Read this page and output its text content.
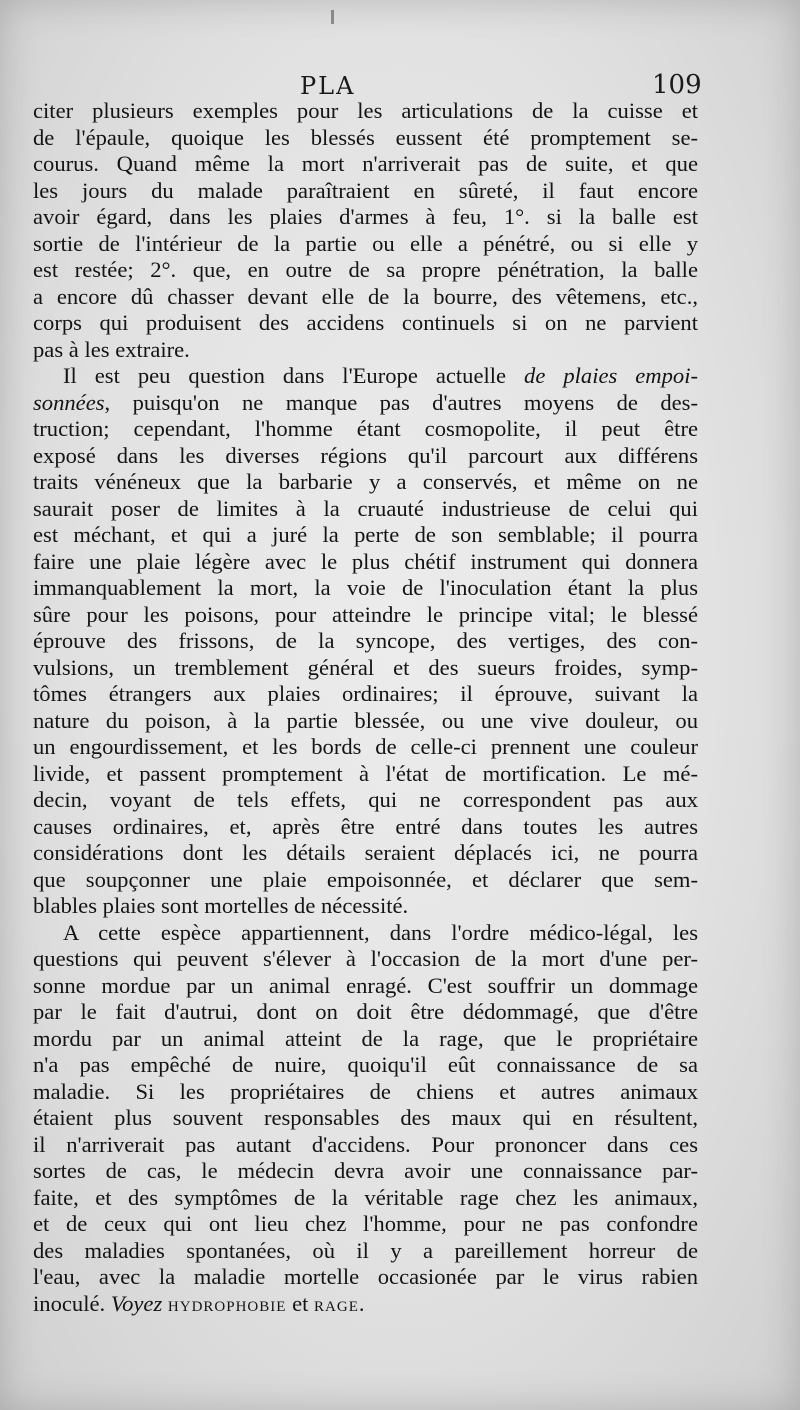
PLA	109
citer plusieurs exemples pour les articulations de la cuisse et
de l'épaule, quoique les blessés eussent été promptement se-
courus. Quand même la mort n'arriverait pas de suite, et que
les jours du malade paraîtraient en sûreté, il faut encore
avoir égard, dans les plaies d'armes à feu, 1°. si la balle est
sortie de l'intérieur de la partie ou elle a pénétré, ou si elle y
est restée; 2°. que, en outre de sa propre pénétration, la balle
a encore dû chasser devant elle de la bourre, des vêtemens, etc.,
corps qui produisent des accidens continuels si on ne parvient
pas à les extraire.
Il est peu question dans l'Europe actuelle de plaies empoi-
sonnées, puisqu'on ne manque pas d'autres moyens de des-
truction; cependant, l'homme étant cosmopolite, il peut être
exposé dans les diverses régions qu'il parcourt aux différens
traits vénéneux que la barbarie y a conservés, et même on ne
saurait poser de limites à la cruauté industrieuse de celui qui
est méchant, et qui a juré la perte de son semblable; il pourra
faire une plaie légère avec le plus chétif instrument qui donnera
immanquablement la mort, la voie de l'inoculation étant la plus
sûre pour les poisons, pour atteindre le principe vital; le blessé
éprouve des frissons, de la syncope, des vertiges, des con-
vulsions, un tremblement général et des sueurs froides, symp-
tômes étrangers aux plaies ordinaires; il éprouve, suivant la
nature du poison, à la partie blessée, ou une vive douleur, ou
un engourdissement, et les bords de celle-ci prennent une couleur
livide, et passent promptement à l'état de mortification. Le mé-
decin, voyant de tels effets, qui ne correspondent pas aux
causes ordinaires, et, après être entré dans toutes les autres
considérations dont les détails seraient déplacés ici, ne pourra
que soupçonner une plaie empoisonnée, et déclarer que sem-
blables plaies sont mortelles de nécessité.
A cette espèce appartiennent, dans l'ordre médico-légal, les
questions qui peuvent s'élever à l'occasion de la mort d'une per-
sonne mordue par un animal enragé. C'est souffrir un dommage
par le fait d'autrui, dont on doit être dédommagé, que d'être
mordu par un animal atteint de la rage, que le propriétaire
n'a pas empêché de nuire, quoiqu'il eût connaissance de sa
maladie. Si les propriétaires de chiens et autres animaux
étaient plus souvent responsables des maux qui en résultent,
il n'arriverait pas autant d'accidens. Pour prononcer dans ces
sortes de cas, le médecin devra avoir une connaissance par-
faite, et des symptômes de la véritable rage chez les animaux,
et de ceux qui ont lieu chez l'homme, pour ne pas confondre
des maladies spontanées, où il y a pareillement horreur de
l'eau, avec la maladie mortelle occasionée par le virus rabien
inoculé. Voyez HYDROPHOBIE et RAGE.
